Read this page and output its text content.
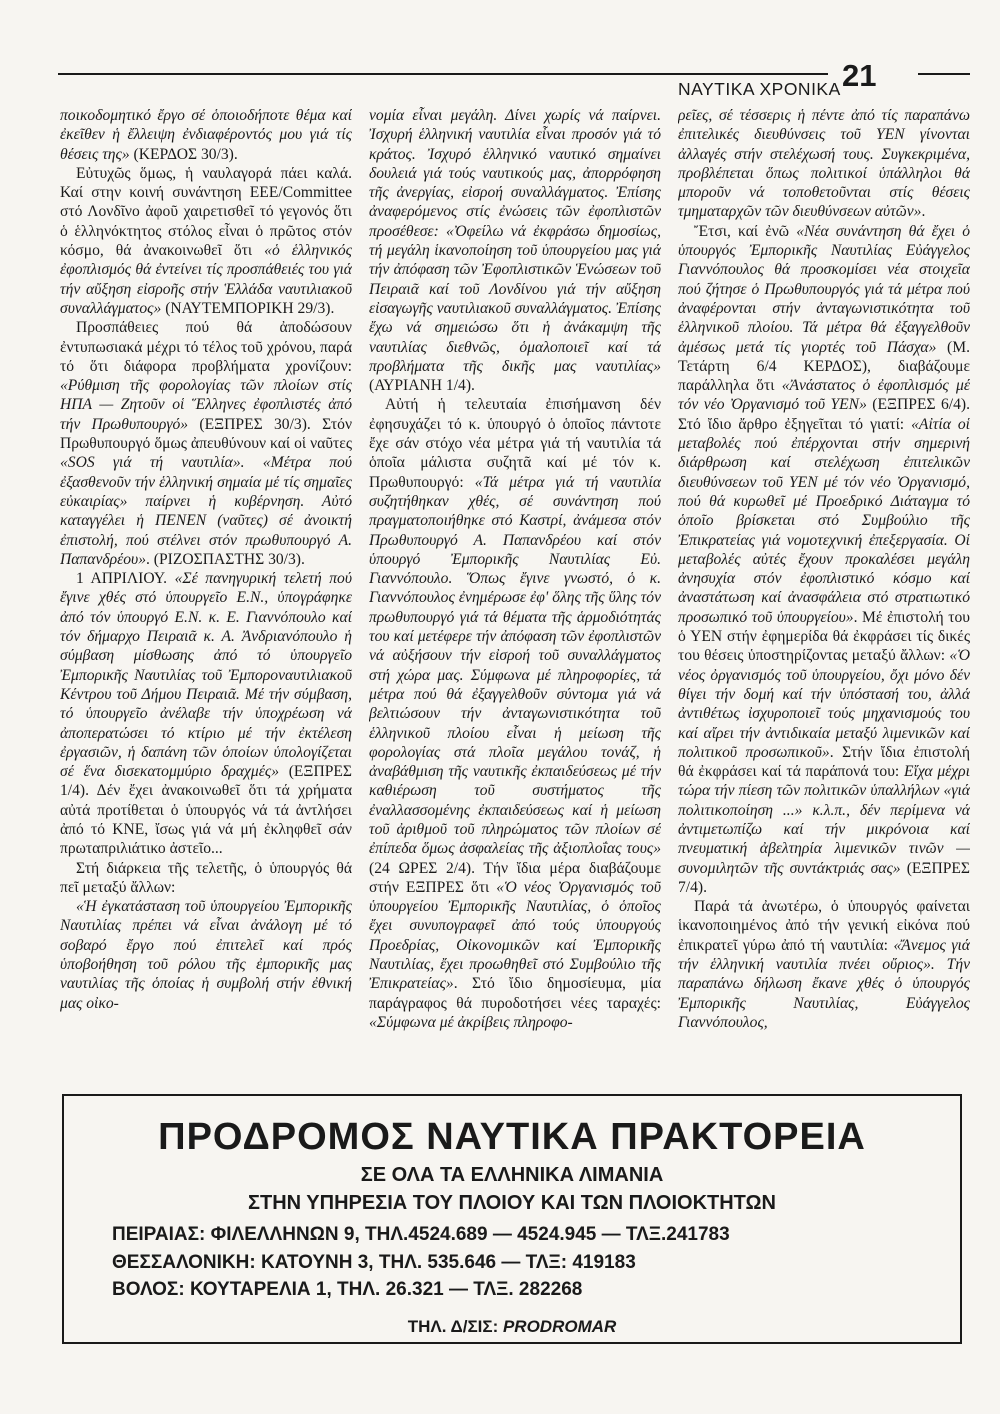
ΝΑΥΤΙΚΑ ΧΡΟΝΙΚΑ 21

ποικοδομητικό ἔργο σέ ὁποιοδήποτε θέμα καί ἐκεῖθεν ἡ ἔλλειψη ἐνδιαφέροντός μου γιά τίς θέσεις της» (ΚΕΡΔΟΣ 30/3).

Εὐτυχῶς ὅμως, ἡ ναυλαγορά πάει καλά. Καί στην κοινή συνάντηση ΕΕΕ/Committee στό Λονδῖνο ἀφοῦ χαιρετισθεῖ τό γεγονός ὅτι ὁ ἑλληνόκτητος στόλος εἶναι ὁ πρῶτος στόν κόσμο, θά ἀνακοινωθεῖ ὅτι «ὁ ἑλληνικός ἐφοπλισμός θά ἐντείνει τίς προσπάθειές του γιά τήν αὔξηση εἰσροῆς στήν Ἑλλάδα ναυτιλιακοῦ συναλλάγματος» (ΝΑΥΤΕΜΠΟΡΙΚΗ 29/3).

Προσπάθειες πού θά ἀποδώσουν ἐντυπωσιακά μέχρι τό τέλος τοῦ χρόνου, παρά τό ὅτι διάφορα προβλήματα χρονίζουν: «Ρύθμιση τῆς φορολογίας τῶν πλοίων στίς ΗΠΑ — Ζητοῦν οἱ Ἕλληνες ἐφοπλιστές ἀπό τήν Πρωθυπουργό» (ΕΞΠΡΕΣ 30/3). Στόν Πρωθυπουργό ὅμως ἀπευθύνουν καί οἱ ναῦτες «SOS γιά τή ναυτιλία». «Μέτρα πού ἐξασθενοῦν τήν ἑλληνική σημαία μέ τίς σημαῖες εὐκαιρίας» παίρνει ἡ κυβέρνηση. Αὐτό καταγγέλει ἡ ΠΕΝΕΝ (ναῦτες) σέ ἀνοικτή ἐπιστολή, πού στέλνει στόν πρωθυπουργό Α. Παπανδρέου». (ΡΙΖΟΣΠΑΣΤΗΣ 30/3).

1 ΑΠΡΙΛΙΟΥ. «Σέ πανηγυρική τελετή πού ἔγινε χθές στό ὑπουργεῖο Ε.Ν., ὑπογράφηκε ἀπό τόν ὑπουργό Ε.Ν. κ. Ε. Γιαννόπουλο καί τόν δήμαρχο Πειραιᾶ κ. Α. Ἀνδριανόπουλο ἡ σύμβαση μίσθωσης ἀπό τό ὑπουργεῖο Ἐμπορικῆς Ναυτιλίας τοῦ Ἐμποροναυτιλιακοῦ Κέντρου τοῦ Δήμου Πειραιᾶ. Μέ τήν σύμβαση, τό ὑπουργεῖο ἀνέλαβε τήν ὑποχρέωση νά ἀποπερατώσει τό κτίριο μέ τήν ἐκτέλεση ἐργασιῶν, ἡ δαπάνη τῶν ὁποίων ὑπολογίζεται σέ ἕνα δισεκατομμύριο δραχμές» (ΕΞΠΡΕΣ 1/4). Δέν ἔχει ἀνακοινωθεῖ ὅτι τά χρήματα αὐτά προτίθεται ὁ ὑπουργός νά τά ἀντλήσει ἀπό τό ΚΝΕ, ἴσως γιά νά μή ἐκληφθεῖ σάν πρωταπριλιάτικο ἀστεῖο...

Στή διάρκεια τῆς τελετῆς, ὁ ὑπουργός θά πεῖ μεταξύ ἄλλων:

«Ἡ ἐγκατάσταση τοῦ ὑπουργείου Ἐμπορικῆς Ναυτιλίας πρέπει νά εἶναι ἀνάλογη μέ τό σοβαρό ἔργο πού ἐπιτελεῖ καί πρός ὑποβοήθηση τοῦ ρόλου τῆς ἐμπορικῆς μας ναυτιλίας τῆς ὁποίας ἡ συμβολή στήν ἐθνική μας οἰκο-

νομία εἶναι μεγάλη. Δίνει χωρίς νά παίρνει. Ἰσχυρή ἑλληνική ναυτιλία εἶναι προσόν γιά τό κράτος. Ἰσχυρό ἑλληνικό ναυτικό σημαίνει δουλειά γιά τούς ναυτικούς μας, ἀπορρόφηση τῆς ἀνεργίας, εἰσροή συναλλάγματος. Ἐπίσης ἀναφερόμενος στίς ἐνώσεις τῶν ἐφοπλιστῶν προσέθεσε: «Ὀφείλω νά ἐκφράσω δημοσίως, τή μεγάλη ἱκανοποίηση τοῦ ὑπουργείου μας γιά τήν ἀπόφαση τῶν Ἐφοπλιστικῶν Ἑνώσεων τοῦ Πειραιᾶ καί τοῦ Λονδίνου γιά τήν αὔξηση εἰσαγωγῆς ναυτιλιακοῦ συναλλάγματος. Ἐπίσης ἔχω νά σημειώσω ὅτι ἡ ἀνάκαμψη τῆς ναυτιλίας διεθνῶς, ὁμαλοποιεῖ καί τά προβλήματα τῆς δικῆς μας ναυτιλίας» (ΑΥΡΙΑΝΗ 1/4).

Αὐτή ἡ τελευταία ἐπισήμανση δέν ἐφησυχάζει τό κ. ὑπουργό ὁ ὁποῖος πάντοτε ἔχε σάν στόχο νέα μέτρα γιά τή ναυτιλία τά ὁποῖα μάλιστα συζητᾶ καί μέ τόν κ. Πρωθυπουργό: «Τά μέτρα γιά τή ναυτιλία συζητήθηκαν χθές, σέ συνάντηση πού πραγματοποιήθηκε στό Καστρί, ἀνάμεσα στόν Πρωθυπουργό Α. Παπανδρέου καί στόν ὑπουργό Ἐμπορικῆς Ναυτιλίας Εὐ. Γιαννόπουλο. Ὅπως ἔγινε γνωστό, ὁ κ. Γιαννόπουλος ἐνημέρωσε ἐφ' ὅλης τῆς ὕλης τόν πρωθυπουργό γιά τά θέματα τῆς ἁρμοδιότητάς του καί μετέφερε τήν ἀπόφαση τῶν ἐφοπλιστῶν νά αὐξήσουν τήν εἰσροή τοῦ συναλλάγματος στή χώρα μας. Σύμφωνα μέ πληροφορίες, τά μέτρα πού θά ἐξαγγελθοῦν σύντομα γιά νά βελτιώσουν τήν ἀνταγωνιστικότητα τοῦ ἑλληνικοῦ πλοίου εἶναι ἡ μείωση τῆς φορολογίας στά πλοῖα μεγάλου τονάζ, ἡ ἀναβάθμιση τῆς ναυτικῆς ἐκπαιδεύσεως μέ τήν καθιέρωση τοῦ συστήματος τῆς ἐναλλασσομένης ἐκπαιδεύσεως καί ἡ μείωση τοῦ ἀριθμοῦ τοῦ πληρώματος τῶν πλοίων σέ ἐπίπεδα ὅμως ἀσφαλείας τῆς ἀξιοπλοΐας τους» (24 ΩΡΕΣ 2/4). Τήν ἴδια μέρα διαβάζουμε στήν ΕΞΠΡΕΣ ὅτι «Ὁ νέος Ὀργανισμός τοῦ ὑπουργείου Ἐμπορικῆς Ναυτιλίας, ὁ ὁποῖος ἔχει συνυπογραφεῖ ἀπό τούς ὑπουργούς Προεδρίας, Οἰκονομικῶν καί Ἐμπορικῆς Ναυτιλίας, ἔχει προωθηθεῖ στό Συμβούλιο τῆς Ἐπικρατείας». Στό ἴδιο δημοσίευμα, μία παράγραφος θά πυροδοτήσει νέες ταραχές: «Σύμφωνα μέ ἀκρίβεις πληροφο-

ρεῖες, σέ τέσσερις ἡ πέντε ἀπό τίς παραπάνω ἐπιτελικές διευθύνσεις τοῦ ΥΕΝ γίνονται ἀλλαγές στήν στελέχωσή τους. Συγκεκριμένα, προβλέπεται ὅπως πολιτικοί ὑπάλληλοι θά μποροῦν νά τοποθετοῦνται στίς θέσεις τμηματαρχῶν τῶν διευθύνσεων αὐτῶν».

Ἔτσι, καί ἐνῶ «Νέα συνάντηση θά ἔχει ὁ ὑπουργός Ἐμπορικῆς Ναυτιλίας Εὐάγγελος Γιαννόπουλος θά προσκομίσει νέα στοιχεῖα πού ζήτησε ὁ Πρωθυπουργός γιά τά μέτρα πού ἀναφέρονται στήν ἀνταγωνιστικότητα τοῦ ἑλληνικοῦ πλοίου. Τά μέτρα θά ἐξαγγελθοῦν ἀμέσως μετά τίς γιορτές τοῦ Πάσχα» (Μ. Τετάρτη 6/4 ΚΕΡΔΟΣ), διαβάζουμε παράλληλα ὅτι «Ἀνάστατος ὁ ἐφοπλισμός μέ τόν νέο Ὀργανισμό τοῦ ΥΕΝ» (ΕΞΠΡΕΣ 6/4). Στό ἴδιο ἄρθρο ἐξηγεῖται τό γιατί: «Αἰτία οἱ μεταβολές πού ἐπέρχονται στήν σημερινή διάρθρωση καί στελέχωση ἐπιτελικῶν διευθύνσεων τοῦ ΥΕΝ μέ τόν νέο Ὀργανισμό, πού θά κυρωθεῖ μέ Προεδρικό Διάταγμα τό ὁποῖο βρίσκεται στό Συμβούλιο τῆς Ἐπικρατείας γιά νομοτεχνική ἐπεξεργασία. Οἱ μεταβολές αὐτές ἔχουν προκαλέσει μεγάλη ἀνησυχία στόν ἐφοπλιστικό κόσμο καί ἀναστάτωση καί ἀνασφάλεια στό στρατιωτικό προσωπικό τοῦ ὑπουργείου». Μέ ἐπιστολή του ὁ ΥΕΝ στήν ἐφημερίδα θά ἐκφράσει τίς δικές του θέσεις ὑποστηρίζοντας μεταξύ ἄλλων: «Ὁ νέος ὀργανισμός τοῦ ὑπουργείου, ὄχι μόνο δέν θίγει τήν δομή καί τήν ὑπόστασή του, ἀλλά ἀντιθέτως ἰσχυροποιεῖ τούς μηχανισμούς του καί αἴρει τήν ἀντιδικαία μεταξύ λιμενικῶν καί πολιτικοῦ προσωπικοῦ». Στήν ἴδια ἐπιστολή θά ἐκφράσει καί τά παράπονά του: Εἴχα μέχρι τώρα τήν πίεση τῶν πολιτικῶν ὑπαλλήλων «γιά πολιτικοποίηση ...» κ.λ.π., δέν περίμενα νά ἀντιμετωπίζω καί τήν μικρόνοια καί πνευματική ἀβελτηρία λιμενικῶν τινῶν — συνομιλητῶν τῆς συντάκτριάς σας» (ΕΞΠΡΕΣ 7/4).

Παρά τά ἀνωτέρω, ὁ ὑπουργός φαίνεται ἱκανοποιημένος ἀπό τήν γενική εἰκόνα πού ἐπικρατεῖ γύρω ἀπό τή ναυτιλία: «Ἄνεμος γιά τήν ἑλληνική ναυτιλία πνέει οὔριος». Τήν παραπάνω δήλωση ἔκανε χθές ὁ ὑπουργός Ἐμπορικῆς Ναυτιλίας, Εὐάγγελος Γιαννόπουλος,

ΠΡΟΔΡΟΜΟΣ ΝΑΥΤΙΚΑ ΠΡΑΚΤΟΡΕΙΑ
ΣΕ ΟΛΑ ΤΑ ΕΛΛΗΝΙΚΑ ΛΙΜΑΝΙΑ
ΣΤΗΝ ΥΠΗΡΕΣΙΑ ΤΟΥ ΠΛΟΙΟΥ ΚΑΙ ΤΩΝ ΠΛΟΙΟΚΤΗΤΩΝ
ΠΕΙΡΑΙΑΣ: ΦΙΛΕΛΛΗΝΩΝ 9, ΤΗΛ.4524.689 — 4524.945 — ΤΛΞ.241783
ΘΕΣΣΑΛΟΝΙΚΗ: ΚΑΤΟΥΝΗ 3, ΤΗΛ. 535.646 — ΤΛΞ: 419183
ΒΟΛΟΣ: ΚΟΥΤΑΡΕΛΙΑ 1, ΤΗΛ. 26.321 — ΤΛΞ. 282268
ΤΗΛ. Δ/ΣΙΣ: PRODROMAR
